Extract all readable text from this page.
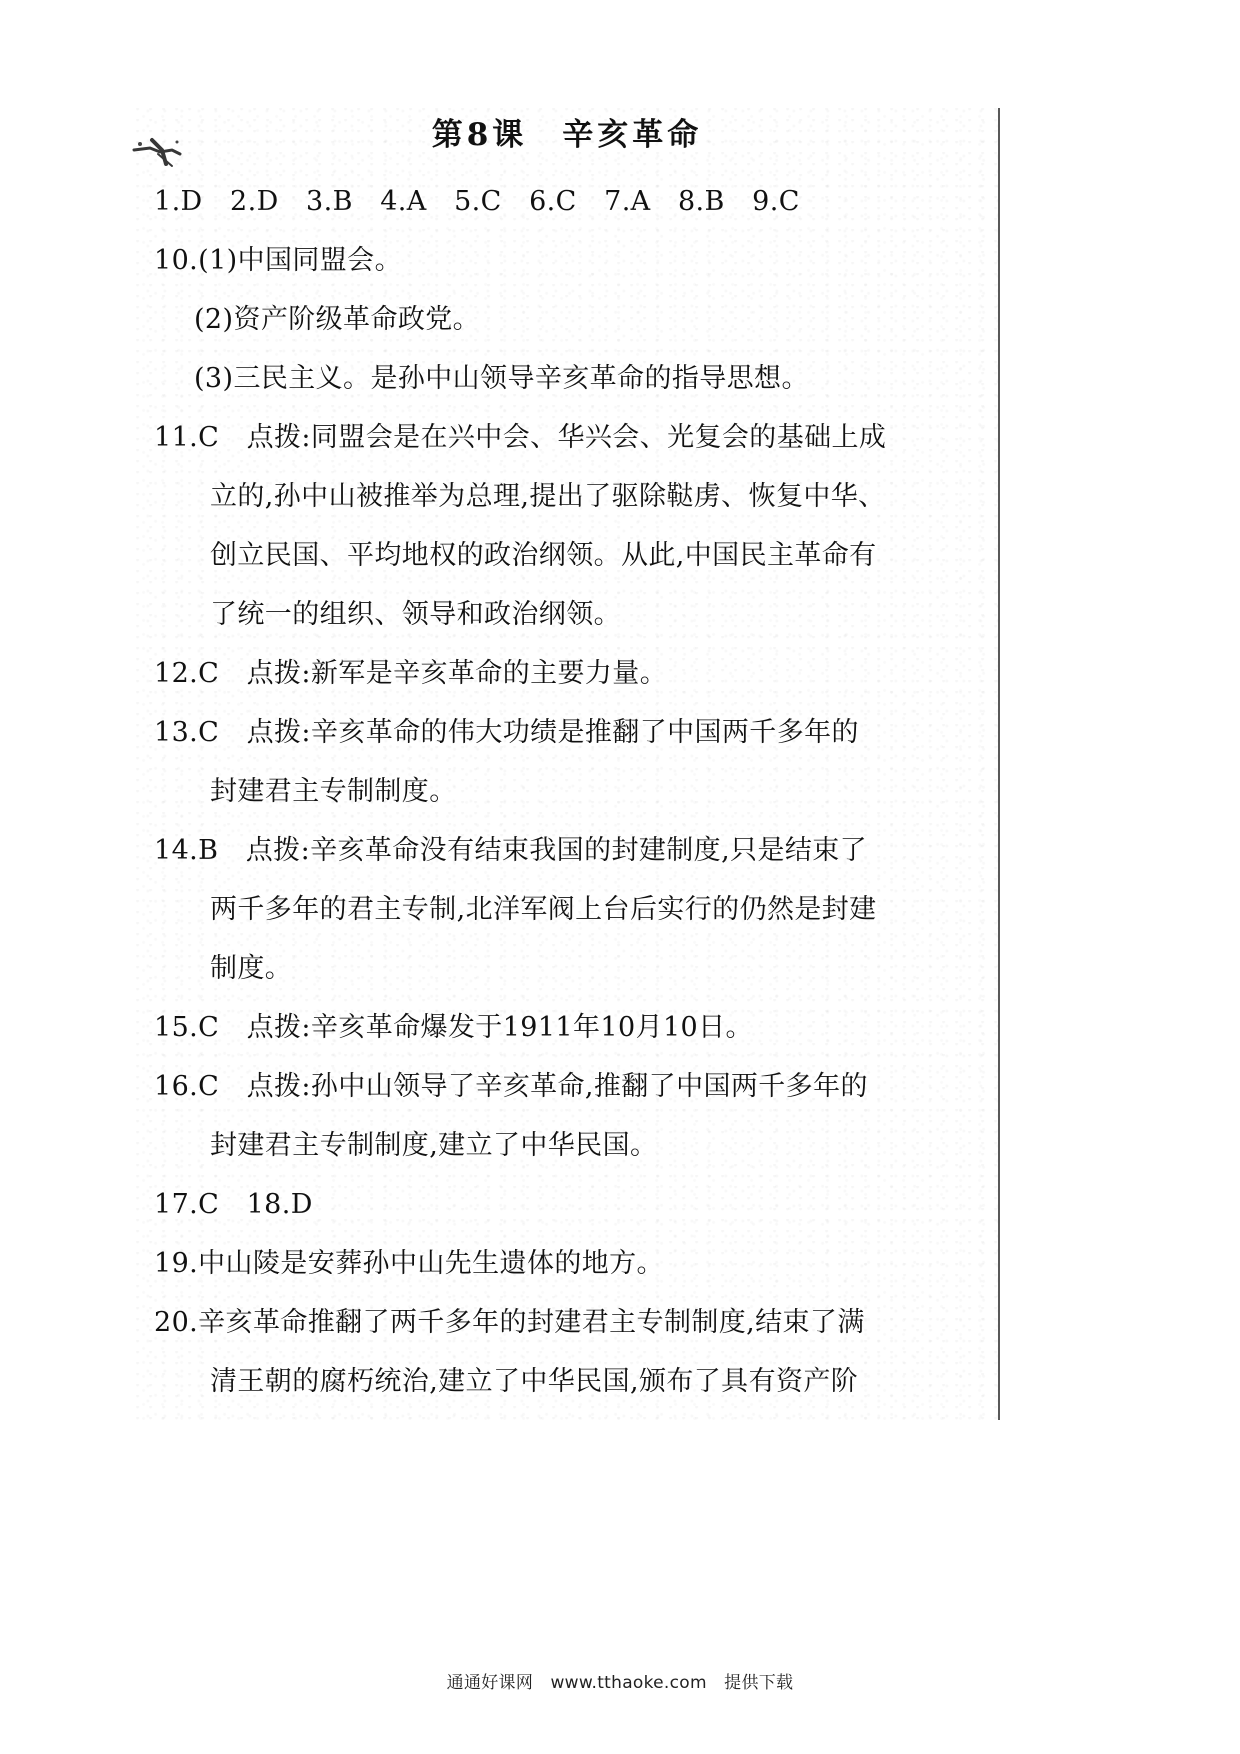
第8课　辛亥革命
1.D　2.D　3.B　4.A　5.C　6.C　7.A　8.B　9.C
10.(1)中国同盟会。
(2)资产阶级革命政党。
(3)三民主义。是孙中山领导辛亥革命的指导思想。
11.C　点拨:同盟会是在兴中会、华兴会、光复会的基础上成
立的,孙中山被推举为总理,提出了驱除鞑虏、恢复中华、
创立民国、平均地权的政治纲领。从此,中国民主革命有
了统一的组织、领导和政治纲领。
12.C　点拨:新军是辛亥革命的主要力量。
13.C　点拨:辛亥革命的伟大功绩是推翻了中国两千多年的
封建君主专制制度。
14.B　点拨:辛亥革命没有结束我国的封建制度,只是结束了
两千多年的君主专制,北洋军阀上台后实行的仍然是封建
制度。
15.C　点拨:辛亥革命爆发于1911年10月10日。
16.C　点拨:孙中山领导了辛亥革命,推翻了中国两千多年的
封建君主专制制度,建立了中华民国。
17.C　18.D
19.中山陵是安葬孙中山先生遗体的地方。
20.辛亥革命推翻了两千多年的封建君主专制制度,结束了满
清王朝的腐朽统治,建立了中华民国,颁布了具有资产阶
通通好课网　www.tthaoke.com　提供下载
